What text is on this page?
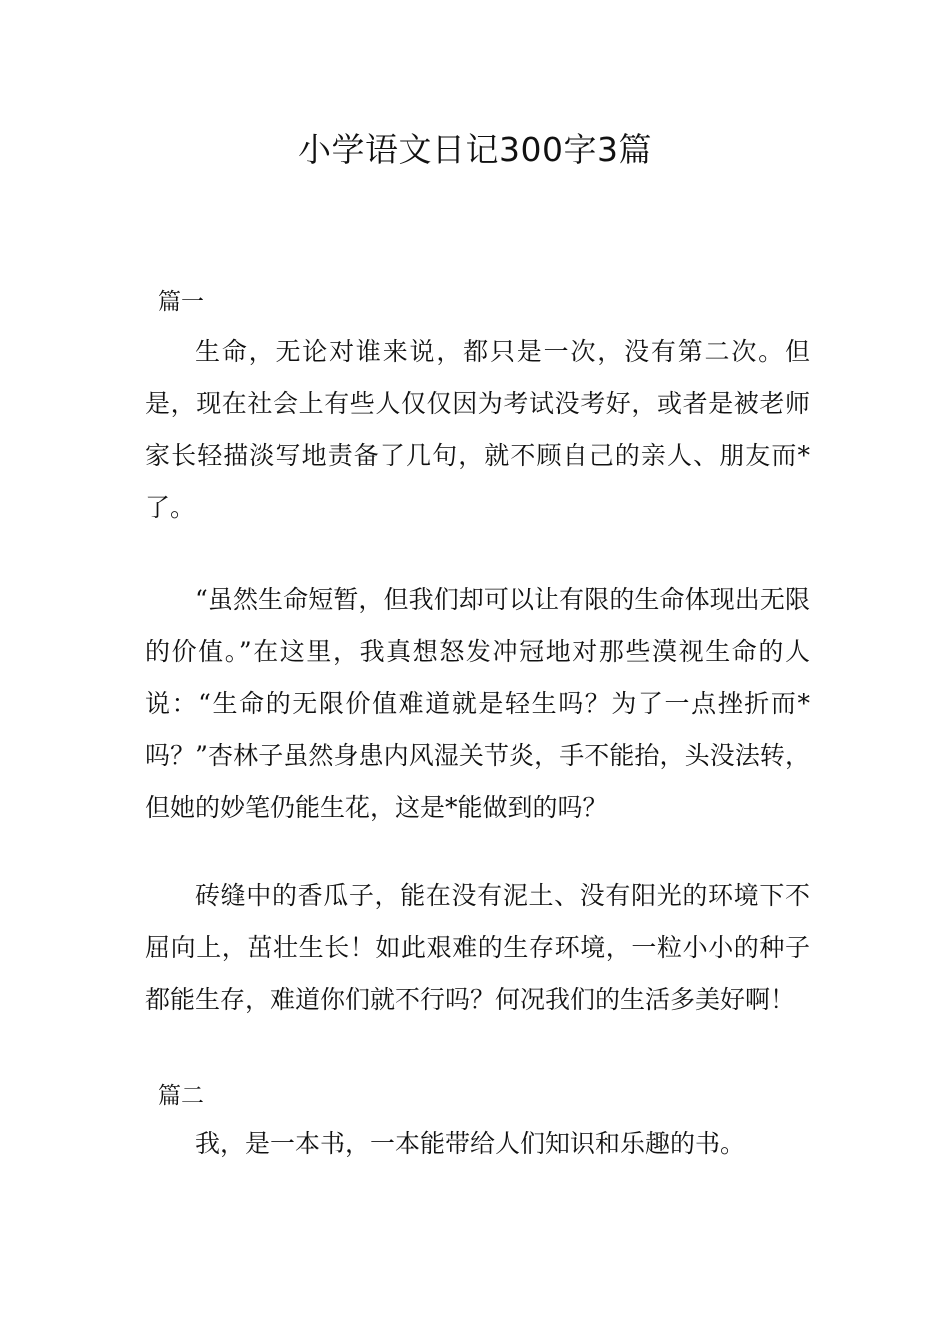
小学语文日记300字3篇
篇一

生命，无论对谁来说，都只是一次，没有第二次。但是，现在社会上有些人仅仅因为考试没考好，或者是被老师家长轻描淡写地责备了几句，就不顾自己的亲人、朋友而*了。

“虽然生命短暂，但我们却可以让有限的生命体现出无限的价值。”在这里，我真想怒发冲冠地对那些漠视生命的人说：“生命的无限价值难道就是轻生吗？为了一点挫折而*吗？”杏林子虽然身患内风湿关节炎，手不能抬，头没法转，但她的妙笔仍能生花，这是*能做到的吗？

砖缝中的香瓜子，能在没有泥土、没有阳光的环境下不屈向上，茁壮生长！如此艰难的生存环境，一粒小小的种子都能生存，难道你们就不行吗？何况我们的生活多美好啊！

篇二

我，是一本书，一本能带给人们知识和乐趣的书。
